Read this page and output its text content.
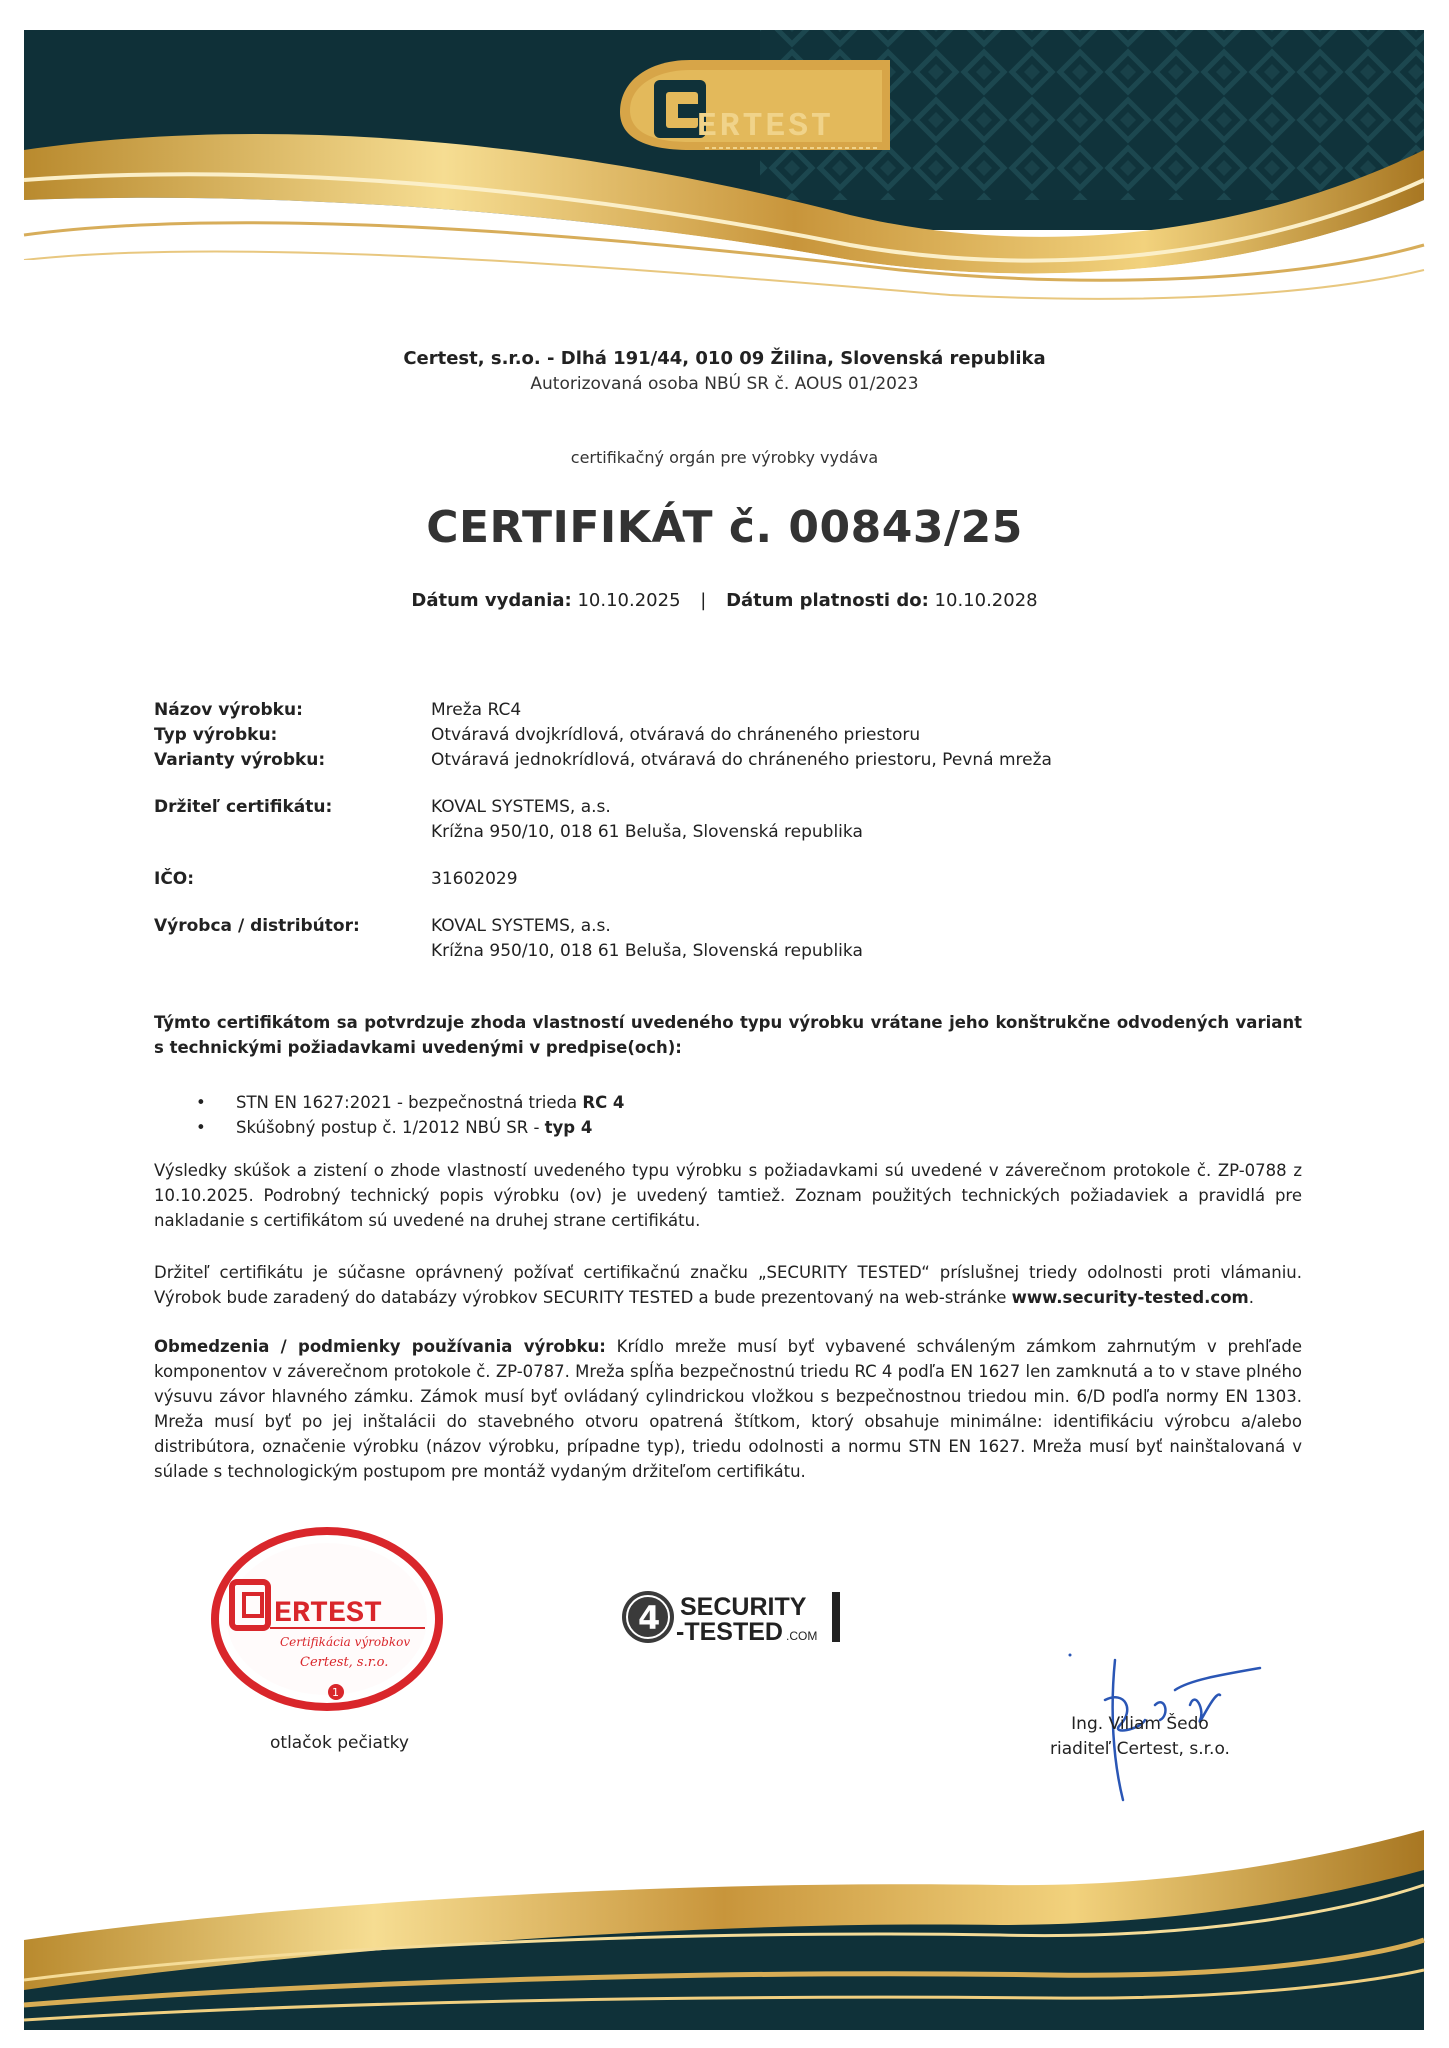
ERTEST
Certest, s.r.o. - Dlhá 191/44, 010 09 Žilina, Slovenská republika
Autorizovaná osoba NBÚ SR č. AOUS 01/2023
certifikačný orgán pre výrobky vydáva
CERTIFIKÁT č. 00843/25
Dátum vydania: 10.10.2025 | Dátum platnosti do: 10.10.2028
Názov výrobku:	Mreža RC4
Typ výrobku:	Otváravá dvojkrídlová, otváravá do chráneného priestoru
Varianty výrobku:	Otváravá jednokrídlová, otváravá do chráneného priestoru, Pevná mreža
Držiteľ certifikátu:	KOVAL SYSTEMS, a.s.
Krížna 950/10, 018 61 Beluša, Slovenská republika
IČO:	31602029
Výrobca / distribútor:	KOVAL SYSTEMS, a.s.
Krížna 950/10, 018 61 Beluša, Slovenská republika
Týmto certifikátom sa potvrdzuje zhoda vlastností uvedeného typu výrobku vrátane jeho konštrukčne odvodených variant s technickými požiadavkami uvedenými v predpise(och):
• STN EN 1627:2021 - bezpečnostná trieda RC 4
• Skúšobný postup č. 1/2012 NBÚ SR - typ 4
Výsledky skúšok a zistení o zhode vlastností uvedeného typu výrobku s požiadavkami sú uvedené v záverečnom protokole č. ZP-0788 z 10.10.2025. Podrobný technický popis výrobku (ov) je uvedený tamtiež. Zoznam použitých technických požiadaviek a pravidlá pre nakladanie s certifikátom sú uvedené na druhej strane certifikátu.
Držiteľ certifikátu je súčasne oprávnený požívať certifikačnú značku „SECURITY TESTED“ príslušnej triedy odolnosti proti vlámaniu. Výrobok bude zaradený do databázy výrobkov SECURITY TESTED a bude prezentovaný na web-stránke www.security-tested.com.
Obmedzenia / podmienky používania výrobku: Krídlo mreže musí byť vybavené schváleným zámkom zahrnutým v prehľade komponentov v záverečnom protokole č. ZP-0787. Mreža spĺňa bezpečnostnú triedu RC 4 podľa EN 1627 len zamknutá a to v stave plného výsuvu závor hlavného zámku. Zámok musí byť ovládaný cylindrickou vložkou s bezpečnostnou triedou min. 6/D podľa normy EN 1303. Mreža musí byť po jej inštalácii do stavebného otvoru opatrená štítkom, ktorý obsahuje minimálne: identifikáciu výrobcu a/alebo distribútora, označenie výrobku (názov výrobku, prípadne typ), triedu odolnosti a normu STN EN 1627. Mreža musí byť nainštalovaná v súlade s technologickým postupom pre montáž vydaným držiteľom certifikátu.
ERTEST
Certifikácia výrobkov
Certest, s.r.o.
1
otlačok pečiatky
4 SECURITY
-TESTED .COM
Ing. Viliam Šedo
riaditeľ Certest, s.r.o.
